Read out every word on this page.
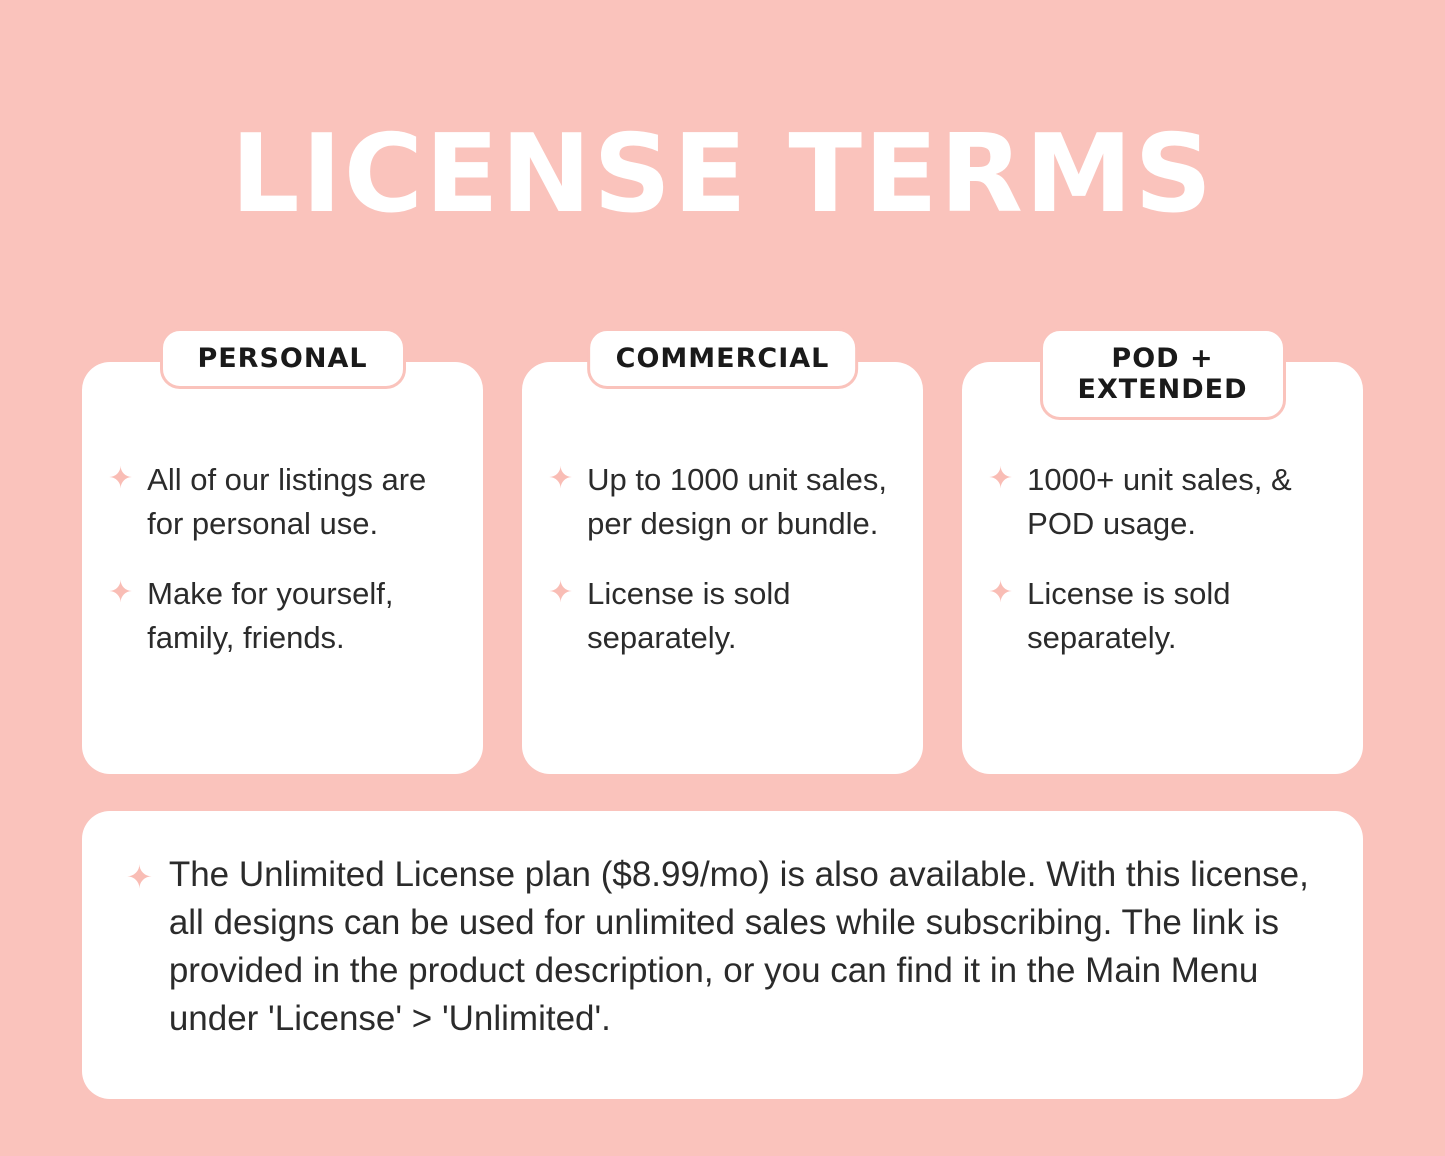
LICENSE TERMS
PERSONAL
✦ All of our listings are for personal use.
✦ Make for yourself, family, friends.
COMMERCIAL
✦ Up to 1000 unit sales, per design or bundle.
✦ License is sold separately.
POD + EXTENDED
✦ 1000+ unit sales, & POD usage.
✦ License is sold separately.
✦ The Unlimited License plan ($8.99/mo) is also available. With this license, all designs can be used for unlimited sales while subscribing. The link is provided in the product description, or you can find it in the Main Menu under 'License' > 'Unlimited'.
